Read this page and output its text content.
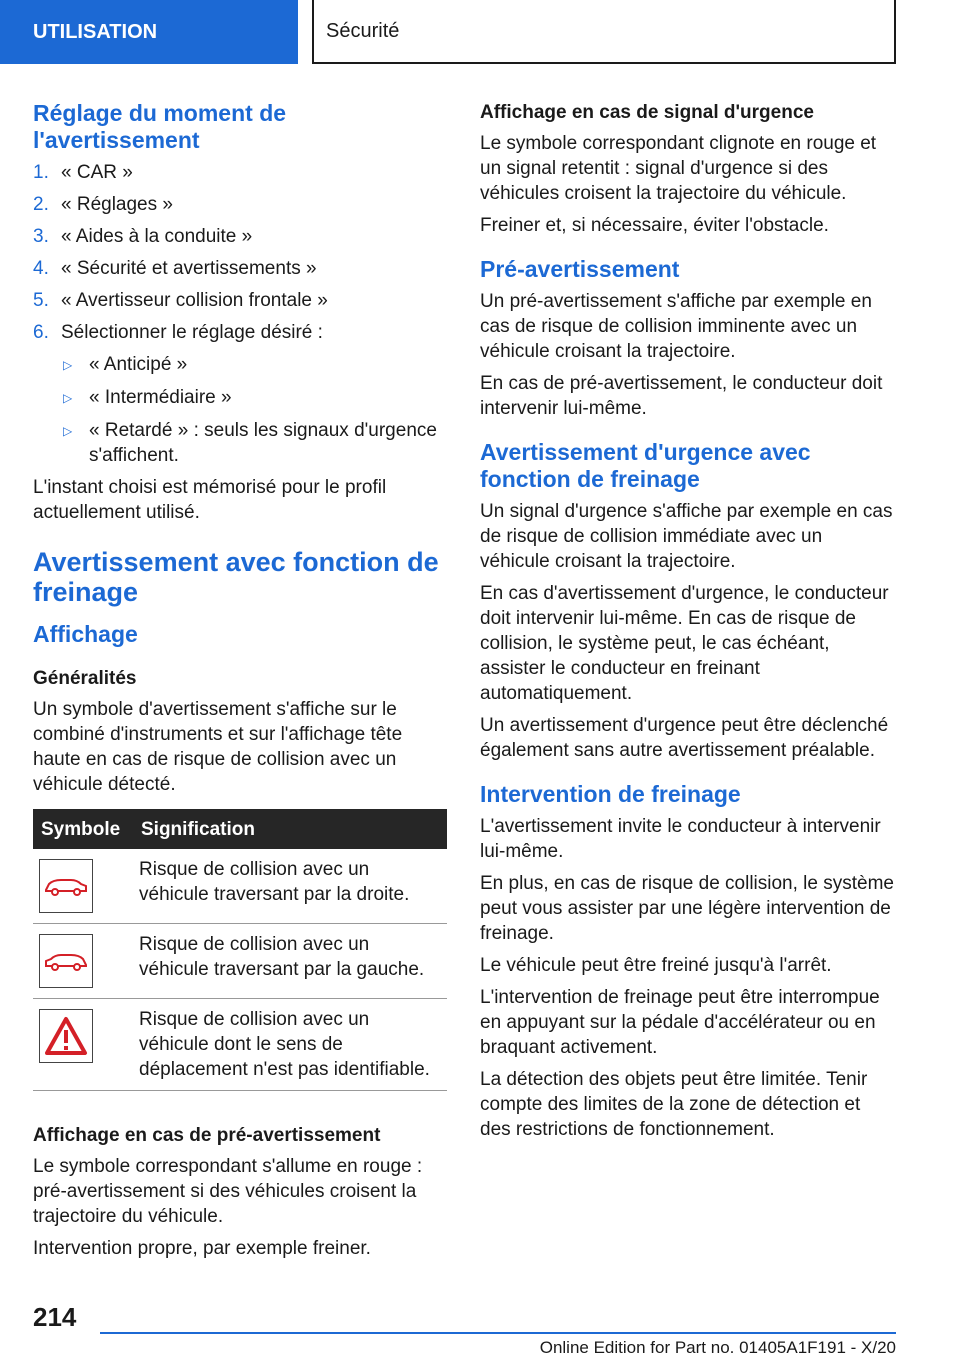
UTILISATION	Sécurité
Réglage du moment de l'avertissement
1. « CAR »
2. « Réglages »
3. « Aides à la conduite »
4. « Sécurité et avertissements »
5. « Avertisseur collision frontale »
6. Sélectionner le réglage désiré :
▷ « Anticipé »
▷ « Intermédiaire »
▷ « Retardé » : seuls les signaux d'urgence s'affichent.

L'instant choisi est mémorisé pour le profil actuellement utilisé.

Avertissement avec fonction de freinage
Affichage
Généralités

Un symbole d'avertissement s'affiche sur le combiné d'instruments et sur l'affichage tête haute en cas de risque de collision avec un véhicule détecté.

Symbole	Signification

	Risque de collision avec un véhicule traversant par la droite.

	Risque de collision avec un véhicule traversant par la gauche.

	Risque de collision avec un véhicule dont le sens de déplacement n'est pas identifiable.
Affichage en cas de pré-avertissement

Le symbole correspondant s'allume en rouge : pré-avertissement si des véhicules croisent la trajectoire du véhicule.

Intervention propre, par exemple freiner.

Affichage en cas de signal d'urgence

Le symbole correspondant clignote en rouge et un signal retentit : signal d'urgence si des véhicules croisent la trajectoire du véhicule.

Freiner et, si nécessaire, éviter l'obstacle.

Pré-avertissement

Un pré-avertissement s'affiche par exemple en cas de risque de collision imminente avec un véhicule croisant la trajectoire.

En cas de pré-avertissement, le conducteur doit intervenir lui-même.

Avertissement d'urgence avec fonction de freinage

Un signal d'urgence s'affiche par exemple en cas de risque de collision immédiate avec un véhicule croisant la trajectoire.

En cas d'avertissement d'urgence, le conducteur doit intervenir lui-même. En cas de risque de collision, le système peut, le cas échéant, assister le conducteur en freinant automatiquement.

Un avertissement d'urgence peut être déclenché également sans autre avertissement préalable.

Intervention de freinage

L'avertissement invite le conducteur à intervenir lui-même.

En plus, en cas de risque de collision, le système peut vous assister par une légère intervention de freinage.

Le véhicule peut être freiné jusqu'à l'arrêt.

L'intervention de freinage peut être interrompue en appuyant sur la pédale d'accélérateur ou en braquant activement.

La détection des objets peut être limitée. Tenir compte des limites de la zone de détection et des restrictions de fonctionnement.

214
Online Edition for Part no. 01405A1F191 - X/20
